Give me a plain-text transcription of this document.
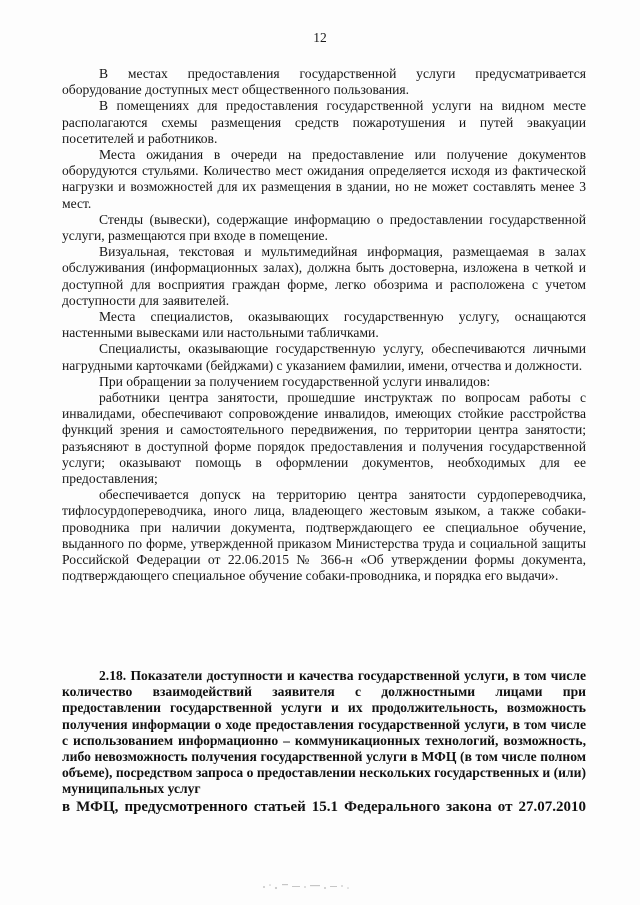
12

В местах предоставления государственной услуги предусматривается оборудование доступных мест общественного пользования.

В помещениях для предоставления государственной услуги на видном месте располагаются схемы размещения средств пожаротушения и путей эвакуации посетителей и работников.

Места ожидания в очереди на предоставление или получение документов оборудуются стульями. Количество мест ожидания определяется исходя из фактической нагрузки и возможностей для их размещения в здании, но не может составлять менее 3 мест.

Стенды (вывески), содержащие информацию о предоставлении государственной услуги, размещаются при входе в помещение.

Визуальная, текстовая и мультимедийная информация, размещаемая в залах обслуживания (информационных залах), должна быть достоверна, изложена в четкой и доступной для восприятия граждан форме, легко обозрима и расположена с учетом доступности для заявителей.

Места специалистов, оказывающих государственную услугу, оснащаются настенными вывесками или настольными табличками.

Специалисты, оказывающие государственную услугу, обеспечиваются личными нагрудными карточками (бейджами) с указанием фамилии, имени, отчества и должности.

При обращении за получением государственной услуги инвалидов:

работники центра занятости, прошедшие инструктаж по вопросам работы с инвалидами, обеспечивают сопровождение инвалидов, имеющих стойкие расстройства функций зрения и самостоятельного передвижения, по территории центра занятости; разъясняют в доступной форме порядок предоставления и получения государственной услуги; оказывают помощь в оформлении документов, необходимых для ее предоставления;

обеспечивается допуск на территорию центра занятости сурдопереводчика, тифлосурдопереводчика, иного лица, владеющего жестовым языком, а также собаки-проводника при наличии документа, подтверждающего ее специальное обучение, выданного по форме, утвержденной приказом Министерства труда и социальной защиты Российской Федерации от 22.06.2015 № 366-н «Об утверждении формы документа, подтверждающего специальное обучение собаки-проводника, и порядка его выдачи».

2.18. Показатели доступности и качества государственной услуги, в том числе количество взаимодействий заявителя с должностными лицами при предоставлении государственной услуги и их продолжительность, возможность получения информации о ходе предоставления государственной услуги, в том числе с использованием информационно – коммуникационных технологий, возможность, либо невозможность получения государственной услуги в МФЦ (в том числе полном объеме), посредством запроса о предоставлении нескольких государственных и (или) муниципальных услуг

в МФЦ, предусмотренного статьей 15.1 Федерального закона от 27.07.2010
